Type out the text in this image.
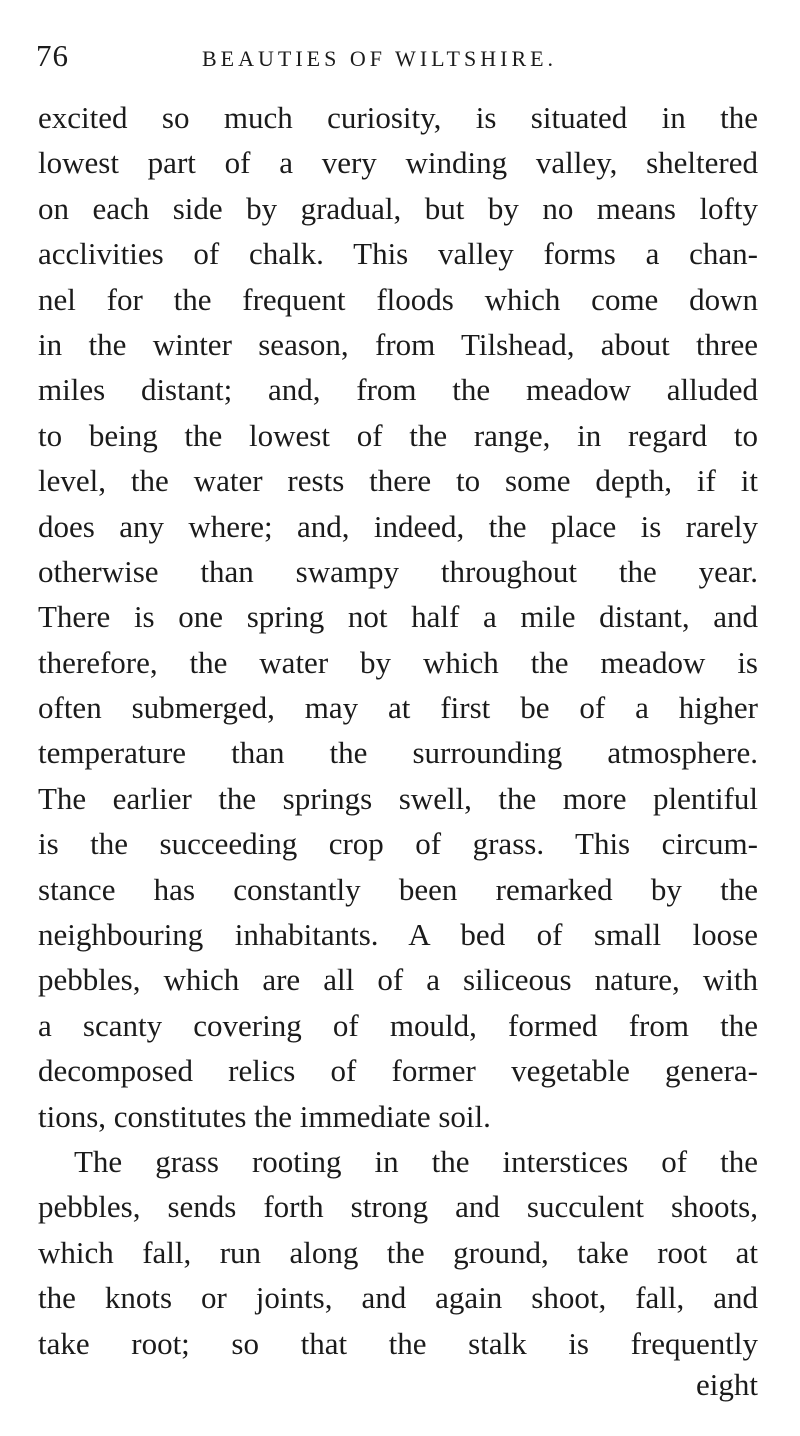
76	BEAUTIES OF WILTSHIRE.
excited so much curiosity, is situated in the
lowest part of a very winding valley, sheltered
on each side by gradual, but by no means lofty
acclivities of chalk. This valley forms a chan-
nel for the frequent floods which come down
in the winter season, from Tilshead, about three
miles distant; and, from the meadow alluded
to being the lowest of the range, in regard to
level, the water rests there to some depth, if it
does any where; and, indeed, the place is rarely
otherwise than swampy throughout the year.
There is one spring not half a mile distant, and
therefore, the water by which the meadow is
often submerged, may at first be of a higher
temperature than the surrounding atmosphere.
The earlier the springs swell, the more plentiful
is the succeeding crop of grass. This circum-
stance has constantly been remarked by the
neighbouring inhabitants. A bed of small loose
pebbles, which are all of a siliceous nature, with
a scanty covering of mould, formed from the
decomposed relics of former vegetable genera-
tions, constitutes the immediate soil.
The grass rooting in the interstices of the
pebbles, sends forth strong and succulent shoots,
which fall, run along the ground, take root at
the knots or joints, and again shoot, fall, and
take root; so that the stalk is frequently
eight
